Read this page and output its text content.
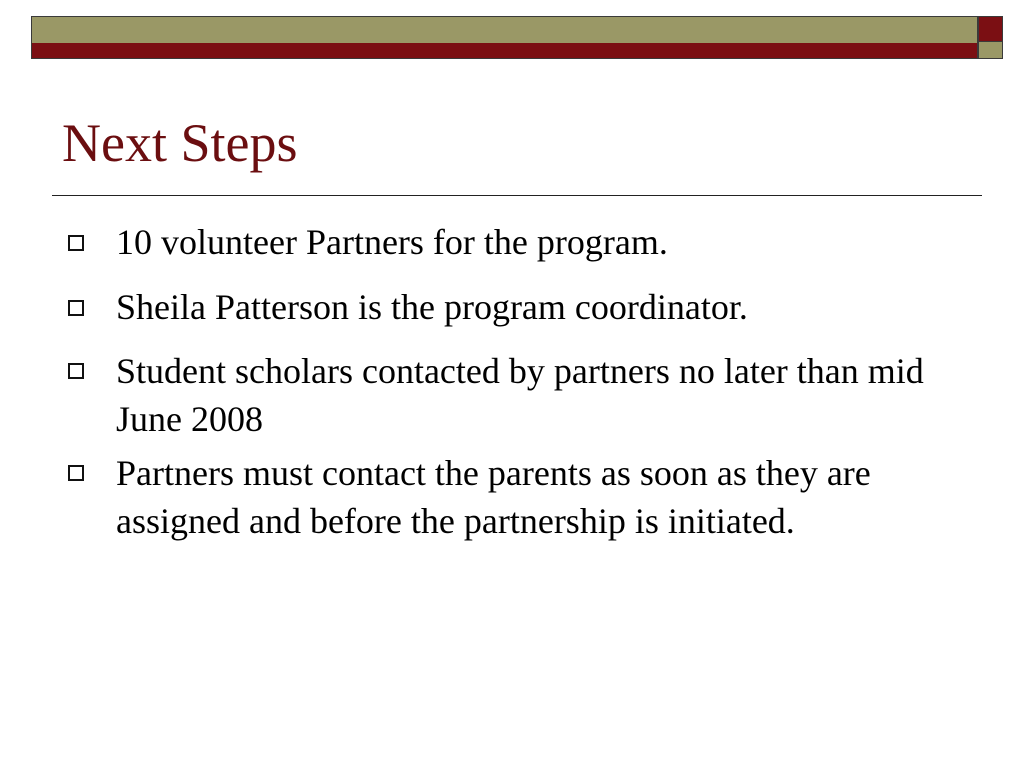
Next Steps
10 volunteer Partners for the program.
Sheila Patterson is the program coordinator.
Student scholars contacted by partners no later than mid June 2008
Partners must contact the parents as soon as they are assigned and before the partnership is initiated.
